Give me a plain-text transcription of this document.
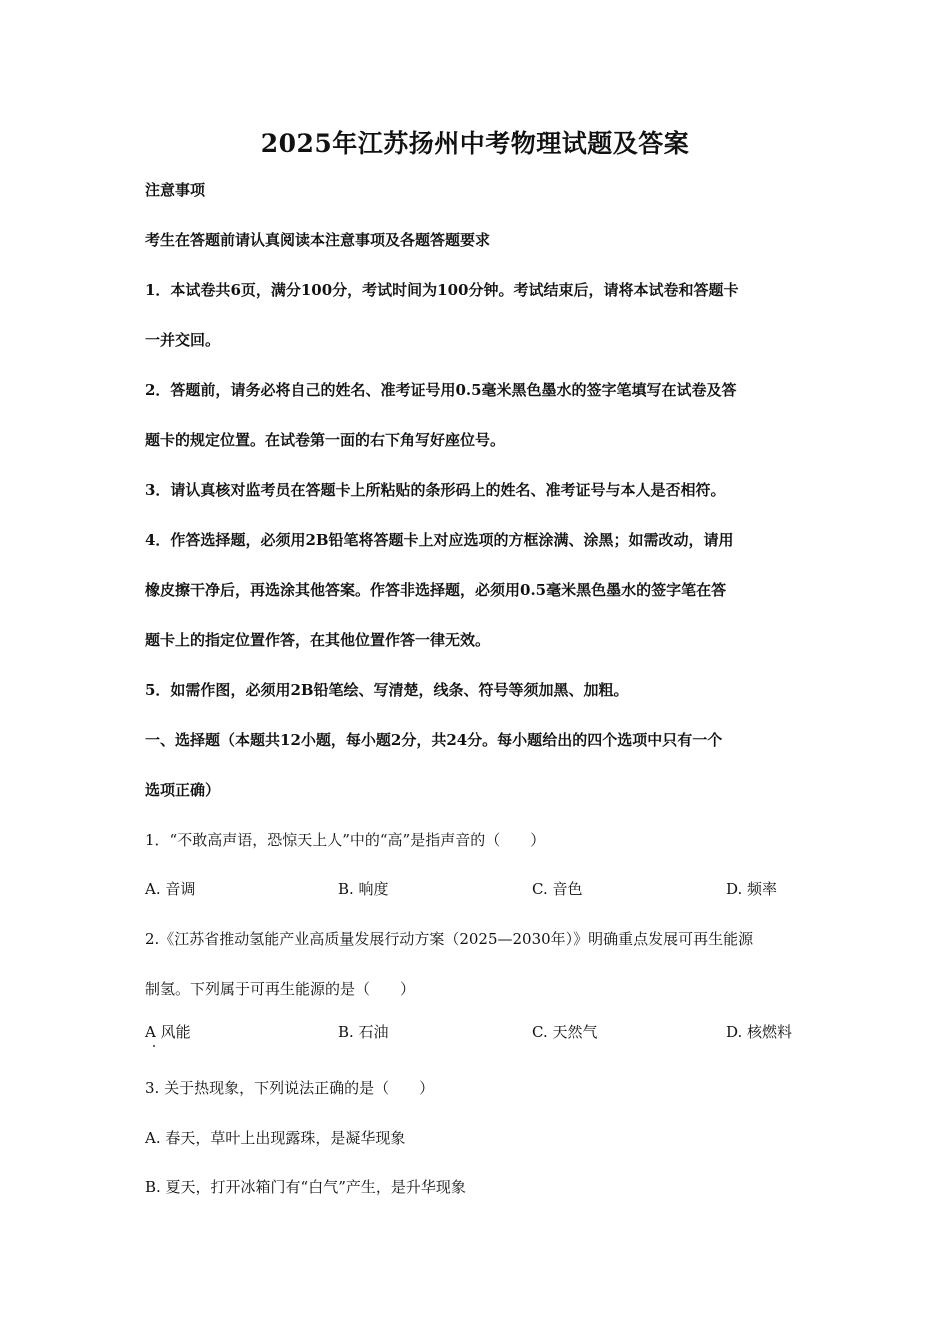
2025年江苏扬州中考物理试题及答案
注意事项
考生在答题前请认真阅读本注意事项及各题答题要求
1．本试卷共6页，满分100分，考试时间为100分钟。考试结束后，请将本试卷和答题卡
一并交回。
2．答题前，请务必将自己的姓名、准考证号用0.5毫米黑色墨水的签字笔填写在试卷及答
题卡的规定位置。在试卷第一面的右下角写好座位号。
3．请认真核对监考员在答题卡上所粘贴的条形码上的姓名、准考证号与本人是否相符。
4．作答选择题，必须用2B铅笔将答题卡上对应选项的方框涂满、涂黑；如需改动，请用
橡皮擦干净后，再选涂其他答案。作答非选择题，必须用0.5毫米黑色墨水的签字笔在答
题卡上的指定位置作答，在其他位置作答一律无效。
5．如需作图，必须用2B铅笔绘、写清楚，线条、符号等须加黑、加粗。
一、选择题（本题共12小题，每小题2分，共24分。每小题给出的四个选项中只有一个
选项正确）
1．“不敢高声语，恐惊天上人”中的“高”是指声音的（　　）
A. 音调	B. 响度	C. 音色	D. 频率
2.《江苏省推动氢能产业高质量发展行动方案（2025—2030年）》明确重点发展可再生能源
制氢。下列属于可再生能源的是（　　）
A 风能	B. 石油	C. 天然气	D. 核燃料
3. 关于热现象，下列说法正确的是（　　）
A. 春天，草叶上出现露珠，是凝华现象
B. 夏天，打开冰箱门有“白气”产生，是升华现象
